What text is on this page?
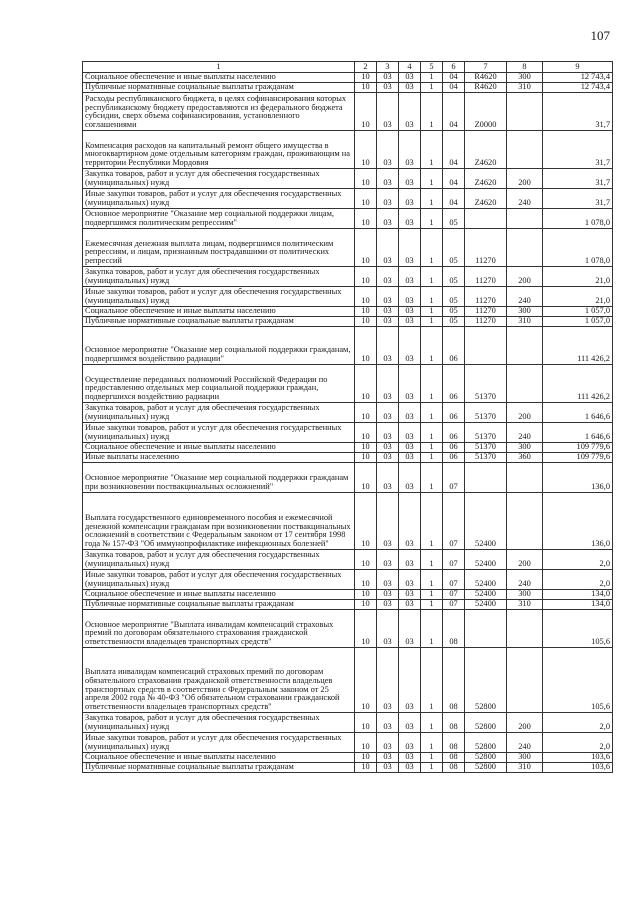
107
1	2	3	4	5	6	7	8	9
Социальное обеспечение и иные выплаты населению	10	03	03	1	04	R4620	300	12 743,4
Публичные нормативные социальные выплаты гражданам	10	03	03	1	04	R4620	310	12 743,4
Расходы республиканского бюджета, в целях софинансирования которых республиканскому бюджету предоставляются из федерального бюджета субсидии, сверх объема софинансирования, установленного соглашениями	10	03	03	1	04	Z0000		31,7
Компенсация расходов на капитальный ремонт общего имущества в многоквартирном доме отдельным категориям граждан, проживающим на территории Республики Мордовия	10	03	03	1	04	Z4620		31,7
Закупка товаров, работ и услуг для обеспечения государственных (муниципальных) нужд	10	03	03	1	04	Z4620	200	31,7
Иные закупки товаров, работ и услуг для обеспечения государственных (муниципальных) нужд	10	03	03	1	04	Z4620	240	31,7
Основное мероприятие "Оказание мер социальной поддержки лицам, подвергшимся политическим репрессиям"	10	03	03	1	05			1 078,0
Ежемесячная денежная выплата лицам, подвергшимся политическим репрессиям, и лицам, признанным пострадавшими от политических репрессий	10	03	03	1	05	11270		1 078,0
Закупка товаров, работ и услуг для обеспечения государственных (муниципальных) нужд	10	03	03	1	05	11270	200	21,0
Иные закупки товаров, работ и услуг для обеспечения государственных (муниципальных) нужд	10	03	03	1	05	11270	240	21,0
Социальное обеспечение и иные выплаты населению	10	03	03	1	05	11270	300	1 057,0
Публичные нормативные социальные выплаты гражданам	10	03	03	1	05	11270	310	1 057,0
Основное мероприятие "Оказание мер социальной поддержки гражданам, подвергшимся воздействию радиации"	10	03	03	1	06			111 426,2
Осуществление переданных полномочий Российской Федерации по предоставлению отдельных мер социальной поддержки граждан, подвергшихся воздействию радиации	10	03	03	1	06	51370		111 426,2
Закупка товаров, работ и услуг для обеспечения государственных (муниципальных) нужд	10	03	03	1	06	51370	200	1 646,6
Иные закупки товаров, работ и услуг для обеспечения государственных (муниципальных) нужд	10	03	03	1	06	51370	240	1 646,6
Социальное обеспечение и иные выплаты населению	10	03	03	1	06	51370	300	109 779,6
Иные выплаты населению	10	03	03	1	06	51370	360	109 779,6
Основное мероприятие "Оказание мер социальной поддержки гражданам при возникновении поствакцинальных осложнений"	10	03	03	1	07			136,0
Выплата государственного единовременного пособия и ежемесячной денежной компенсации гражданам при возникновении поствакцинальных осложнений в соответствии с Федеральным законом от 17 сентября 1998 года № 157-ФЗ "Об иммунопрофилактике инфекционных болезней"	10	03	03	1	07	52400		136,0
Закупка товаров, работ и услуг для обеспечения государственных (муниципальных) нужд	10	03	03	1	07	52400	200	2,0
Иные закупки товаров, работ и услуг для обеспечения государственных (муниципальных) нужд	10	03	03	1	07	52400	240	2,0
Социальное обеспечение и иные выплаты населению	10	03	03	1	07	52400	300	134,0
Публичные нормативные социальные выплаты гражданам	10	03	03	1	07	52400	310	134,0
Основное мероприятие "Выплата инвалидам компенсаций страховых премий по договорам обязательного страхования гражданской ответственности владельцев транспортных средств"	10	03	03	1	08			105,6
Выплата инвалидам компенсаций страховых премий по договорам обязательного страхования гражданской ответственности владельцев транспортных средств в соответствии с Федеральным законом от 25 апреля 2002 года № 40-ФЗ "Об обязательном страховании гражданской ответственности владельцев транспортных средств"	10	03	03	1	08	52800		105,6
Закупка товаров, работ и услуг для обеспечения государственных (муниципальных) нужд	10	03	03	1	08	52800	200	2,0
Иные закупки товаров, работ и услуг для обеспечения государственных (муниципальных) нужд	10	03	03	1	08	52800	240	2,0
Социальное обеспечение и иные выплаты населению	10	03	03	1	08	52800	300	103,6
Публичные нормативные социальные выплаты гражданам	10	03	03	1	08	52800	310	103,6
